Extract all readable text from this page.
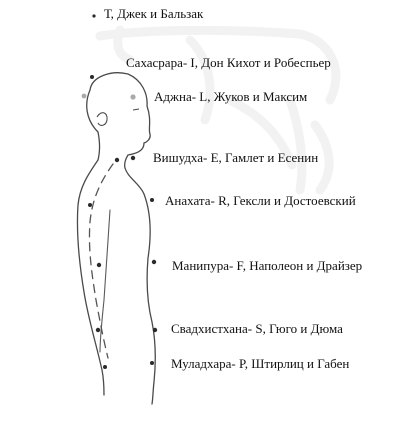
Т, Джек и Бальзак
Сахасрара- I, Дон Кихот и Робеспьер
Аджна- L, Жуков и Максим
Вишудха- E, Гамлет и Есенин
Анахата- R, Гексли и Достоевский
Манипура- F, Наполеон и Драйзер
Свадхистхана- S, Гюго и Дюма
Муладхара- P, Штирлиц и Габен
